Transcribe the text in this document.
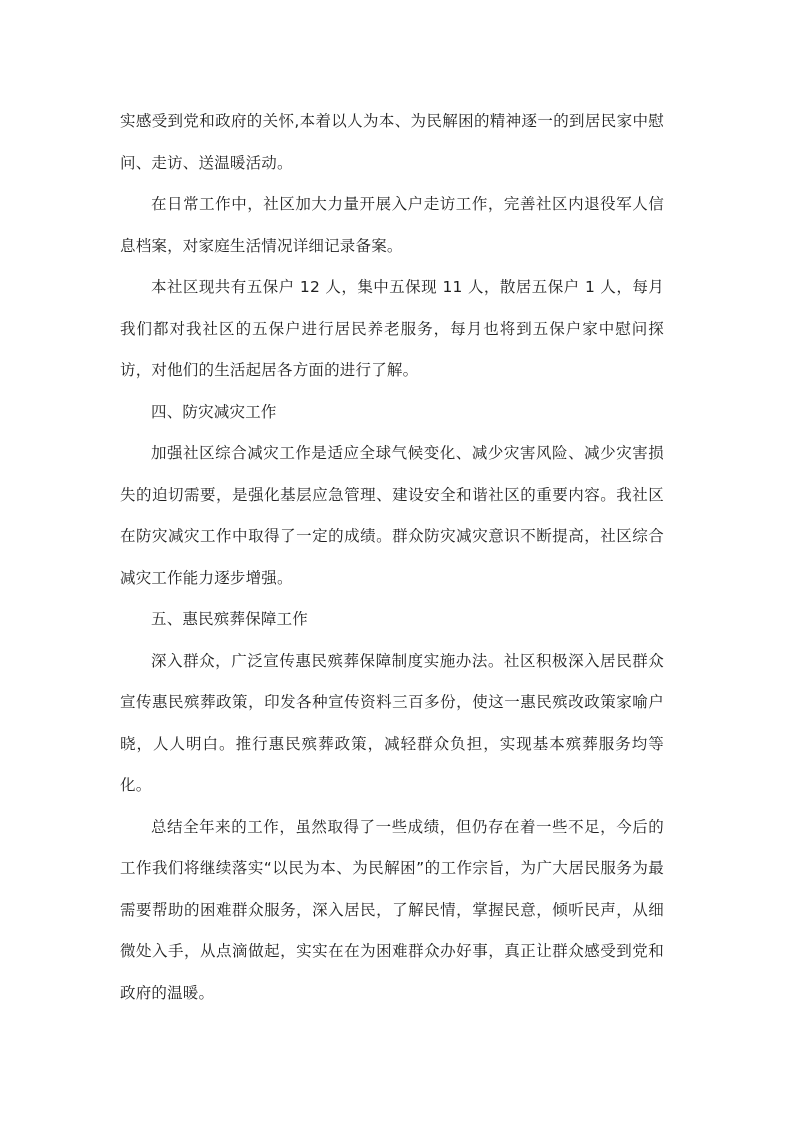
实感受到党和政府的关怀,本着以人为本、为民解困的精神逐一的到居民家中慰问、走访、送温暖活动。

在日常工作中，社区加大力量开展入户走访工作，完善社区内退役军人信息档案，对家庭生活情况详细记录备案。

本社区现共有五保户 12 人，集中五保现 11 人，散居五保户 1 人，每月我们都对我社区的五保户进行居民养老服务，每月也将到五保户家中慰问探访，对他们的生活起居各方面的进行了解。

四、防灾减灾工作

加强社区综合减灾工作是适应全球气候变化、减少灾害风险、减少灾害损失的迫切需要，是强化基层应急管理、建设安全和谐社区的重要内容。我社区在防灾减灾工作中取得了一定的成绩。群众防灾减灾意识不断提高，社区综合减灾工作能力逐步增强。

五、惠民殡葬保障工作

深入群众，广泛宣传惠民殡葬保障制度实施办法。社区积极深入居民群众宣传惠民殡葬政策，印发各种宣传资料三百多份，使这一惠民殡改政策家喻户晓，人人明白。推行惠民殡葬政策，减轻群众负担，实现基本殡葬服务均等化。

总结全年来的工作，虽然取得了一些成绩，但仍存在着一些不足，今后的工作我们将继续落实“以民为本、为民解困”的工作宗旨，为广大居民服务为最需要帮助的困难群众服务，深入居民，了解民情，掌握民意，倾听民声，从细微处入手，从点滴做起，实实在在为困难群众办好事，真正让群众感受到党和政府的温暖。
